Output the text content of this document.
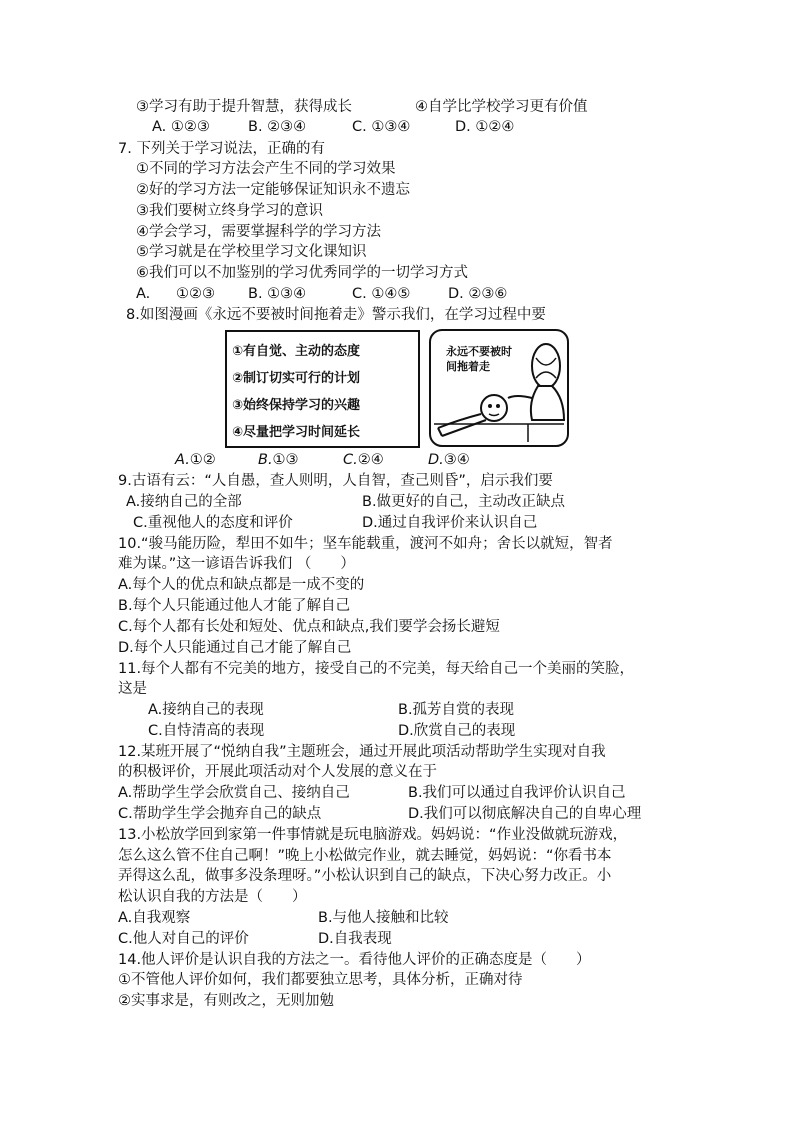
③学习有助于提升智慧，获得成长	④自学比学校学习更有价值
A. ①②③	B. ②③④	C. ①③④	D. ①②④
7. 下列关于学习说法，正确的有
①不同的学习方法会产生不同的学习效果
②好的学习方法一定能够保证知识永不遗忘
③我们要树立终身学习的意识
④学会学习，需要掌握科学的学习方法
⑤学习就是在学校里学习文化课知识
⑥我们可以不加鉴别的学习优秀同学的一切学习方式
A. ①②③ B. ①③④	C. ①④⑤	D. ②③⑥
8.如图漫画《永远不要被时间拖着走》警示我们，在学习过程中要
①有自觉、主动的态度
②制订切实可行的计划
③始终保持学习的兴趣
④尽量把学习时间延长
永远不要被时间拖着走
A.①②	B.①③	C.②④	D.③④
9.古语有云：“人自愚，查人则明，人自智，查己则昏”，启示我们要
A.接纳自己的全部	B.做更好的自己，主动改正缺点
C.重视他人的态度和评价	D.通过自我评价来认识自己
10.“骏马能历险，犁田不如牛；坚车能载重，渡河不如舟；舍长以就短，智者
难为谋。”这一谚语告诉我们 （　　）
A.每个人的优点和缺点都是一成不变的
B.每个人只能通过他人才能了解自己
C.每个人都有长处和短处、优点和缺点,我们要学会扬长避短
D.每个人只能通过自己才能了解自己
11.每个人都有不完美的地方，接受自己的不完美，每天给自己一个美丽的笑脸，
这是
A.接纳自己的表现	B.孤芳自赏的表现
C.自恃清高的表现	D.欣赏自己的表现
12.某班开展了“悦纳自我”主题班会，通过开展此项活动帮助学生实现对自我
的积极评价，开展此项活动对个人发展的意义在于
A.帮助学生学会欣赏自己、接纳自己	B.我们可以通过自我评价认识自己
C.帮助学生学会抛弃自己的缺点	D.我们可以彻底解决自己的自卑心理
13.小松放学回到家第一件事情就是玩电脑游戏。妈妈说：“作业没做就玩游戏，
怎么这么管不住自己啊！”晚上小松做完作业，就去睡觉，妈妈说：“你看书本
弄得这么乱，做事多没条理呀。”小松认识到自己的缺点，下决心努力改正。小
松认识自我的方法是（　　）
A.自我观察	B.与他人接触和比较
C.他人对自己的评价	D.自我表现
14.他人评价是认识自我的方法之一。看待他人评价的正确态度是（　　）
①不管他人评价如何，我们都要独立思考，具体分析，正确对待
②实事求是，有则改之，无则加勉
